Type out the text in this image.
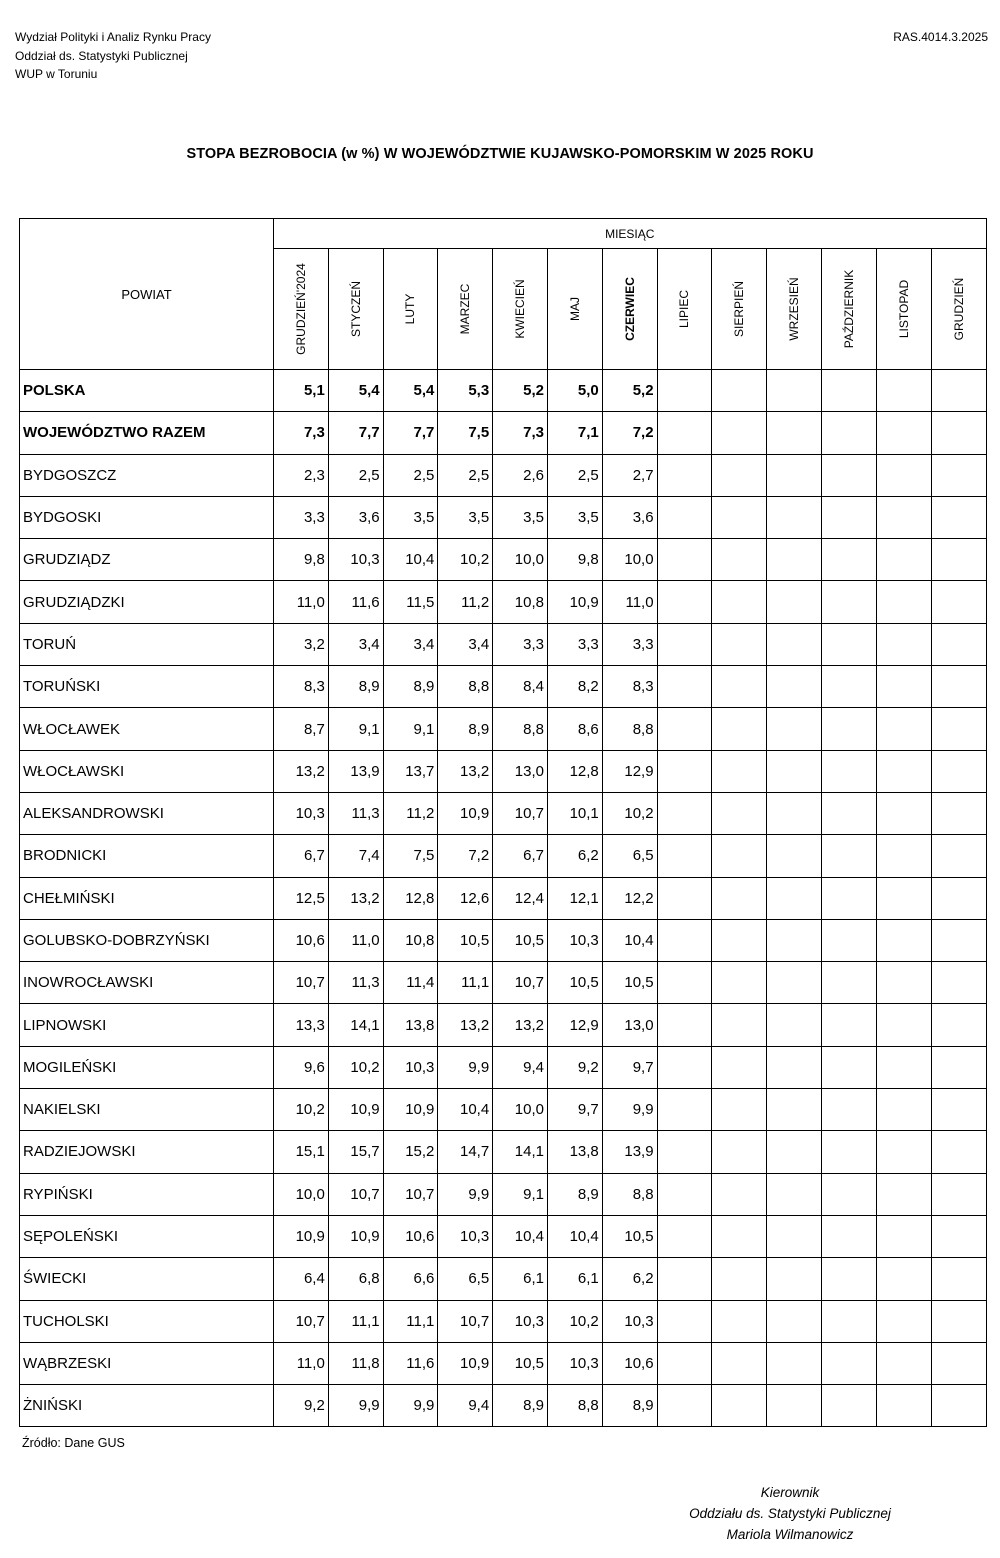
Wydział Polityki i Analiz Rynku Pracy
Oddział ds. Statystyki Publicznej
WUP w Toruniu
RAS.4014.3.2025
STOPA BEZROBOCIA (w %) W WOJEWÓDZTWIE KUJAWSKO-POMORSKIM W 2025 ROKU
POWIAT	MIESIĄC												

	GRUDZIEŃ'2024	STYCZEŃ	LUTY	MARZEC	KWIECIEŃ	MAJ	CZERWIEC	LIPIEC	SIERPIEŃ	WRZESIEŃ	PAŹDZIERNIK	LISTOPAD	GRUDZIEŃ

POLSKA	5,1	5,4	5,4	5,3	5,2	5,0	5,2						
WOJEWÓDZTWO RAZEM	7,3	7,7	7,7	7,5	7,3	7,1	7,2						
BYDGOSZCZ	2,3	2,5	2,5	2,5	2,6	2,5	2,7						
BYDGOSKI	3,3	3,6	3,5	3,5	3,5	3,5	3,6						
GRUDZIĄDZ	9,8	10,3	10,4	10,2	10,0	9,8	10,0						
GRUDZIĄDZKI	11,0	11,6	11,5	11,2	10,8	10,9	11,0						
TORUŃ	3,2	3,4	3,4	3,4	3,3	3,3	3,3						
TORUŃSKI	8,3	8,9	8,9	8,8	8,4	8,2	8,3						
WŁOCŁAWEK	8,7	9,1	9,1	8,9	8,8	8,6	8,8						
WŁOCŁAWSKI	13,2	13,9	13,7	13,2	13,0	12,8	12,9						
ALEKSANDROWSKI	10,3	11,3	11,2	10,9	10,7	10,1	10,2						
BRODNICKI	6,7	7,4	7,5	7,2	6,7	6,2	6,5						
CHEŁMIŃSKI	12,5	13,2	12,8	12,6	12,4	12,1	12,2						
GOLUBSKO-DOBRZYŃSKI	10,6	11,0	10,8	10,5	10,5	10,3	10,4						
INOWROCŁAWSKI	10,7	11,3	11,4	11,1	10,7	10,5	10,5						
LIPNOWSKI	13,3	14,1	13,8	13,2	13,2	12,9	13,0						
MOGILEŃSKI	9,6	10,2	10,3	9,9	9,4	9,2	9,7						
NAKIELSKI	10,2	10,9	10,9	10,4	10,0	9,7	9,9						
RADZIEJOWSKI	15,1	15,7	15,2	14,7	14,1	13,8	13,9						
RYPIŃSKI	10,0	10,7	10,7	9,9	9,1	8,9	8,8						
SĘPOLEŃSKI	10,9	10,9	10,6	10,3	10,4	10,4	10,5						
ŚWIECKI	6,4	6,8	6,6	6,5	6,1	6,1	6,2						
TUCHOLSKI	10,7	11,1	11,1	10,7	10,3	10,2	10,3						
WĄBRZESKI	11,0	11,8	11,6	10,9	10,5	10,3	10,6						
ŻNIŃSKI	9,2	9,9	9,9	9,4	8,9	8,8	8,9						
Źródło: Dane GUS
Kierownik
Oddziału ds. Statystyki Publicznej
Mariola Wilmanowicz
